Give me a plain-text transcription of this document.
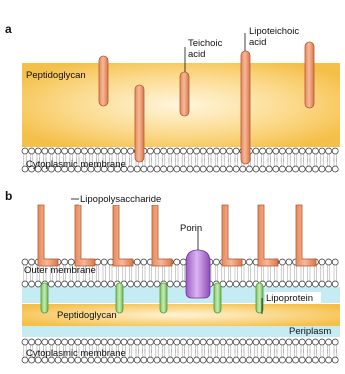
a
Peptidoglycan
Cytoplasmic membrane
Teichoic
acid
Lipoteichoic
acid
b
Porin
Lipopolysaccharide
Outer membrane
Lipoprotein
Peptidoglycan
Periplasm
Cytoplasmic membrane
